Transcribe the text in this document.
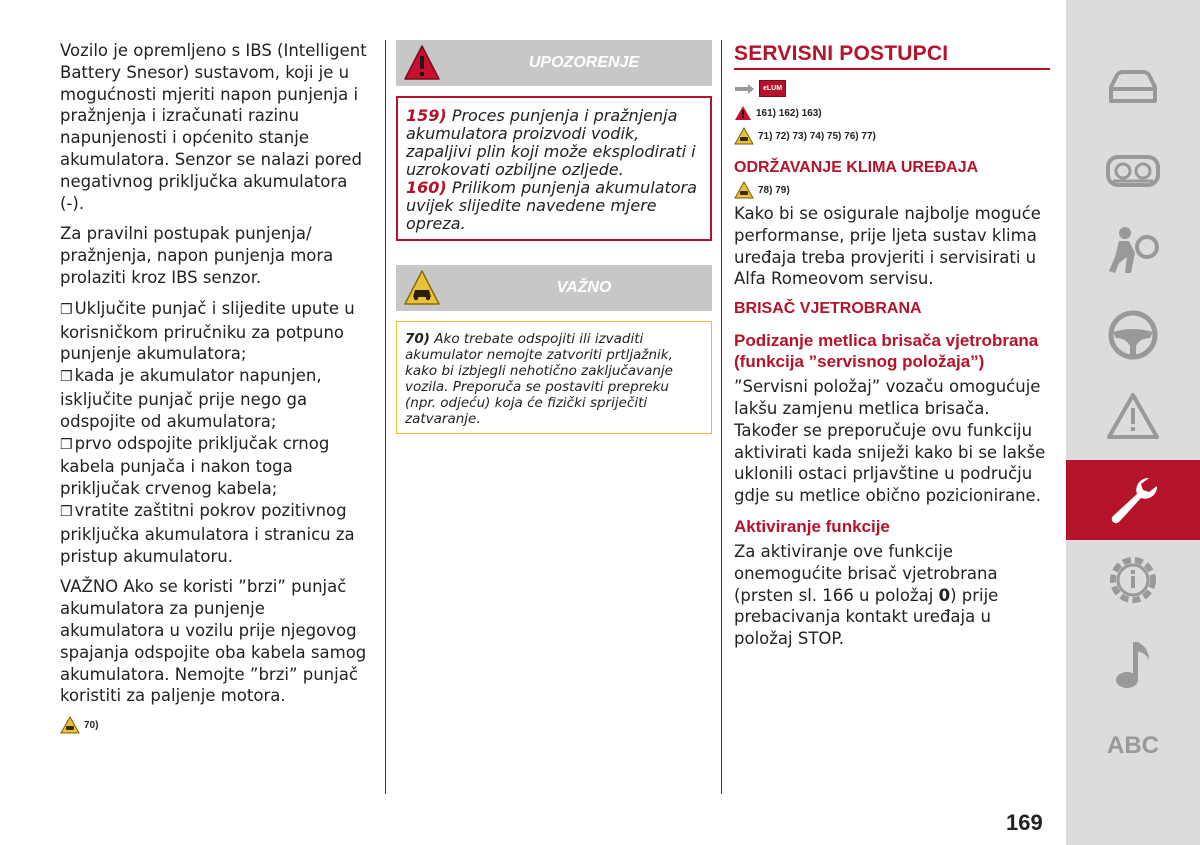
Vozilo je opremljeno s IBS (Intelligent Battery Snesor) sustavom, koji je u mogućnosti mjeriti napon punjenja i pražnjenja i izračunati razinu napunjenosti i općenito stanje akumulatora. Senzor se nalazi pored negativnog priključka akumulatora (-).

Za pravilni postupak punjenja/ pražnjenja, napon punjenja mora prolaziti kroz IBS senzor.

❒ Uključite punjač i slijedite upute u korisničkom priručniku za potpuno punjenje akumulatora;
❒ kada je akumulator napunjen, isključite punjač prije nego ga odspojite od akumulatora;
❒ prvo odspojite priključak crnog kabela punjača i nakon toga priključak crvenog kabela;
❒ vratite zaštitni pokrov pozitivnog priključka akumulatora i stranicu za pristup akumulatoru.

VAŽNO Ako se koristi ”brzi” punjač akumulatora za punjenje akumulatora u vozilu prije njegovog spajanja odspojite oba kabela samog akumulatora. Nemojte ”brzi” punjač koristiti za paljenje motora.

70)
UPOZORENJE

159) Proces punjenja i pražnjenja akumulatora proizvodi vodik, zapaljivi plin koji može eksplodirati i uzrokovati ozbiljne ozljede.

160) Prilikom punjenja akumulatora uvijek slijedite navedene mjere opreza.

VAŽNO

70) Ako trebate odspojiti ili izvaditi akumulator nemojte zatvoriti prtljažnik, kako bi izbjegli nehotično zaključavanje vozila. Preporuča se postaviti prepreku (npr. odjeću) koja će fizički spriječiti zatvaranje.

SERVISNI POSTUPCI
eLUM
161) 162) 163)
71) 72) 73) 74) 75) 76) 77)
ODRŽAVANJE KLIMA UREĐAJA
78) 79)

Kako bi se osigurale najbolje moguće performanse, prije ljeta sustav klima uređaja treba provjeriti i servisirati u Alfa Romeovom servisu.

BRISAČ VJETROBRANA
Podizanje metlica brisača vjetrobrana (funkcija ”servisnog položaja”)

”Servisni položaj” vozaču omogućuje lakšu zamjenu metlica brisača. Također se preporučuje ovu funkciju aktivirati kada sniježi kako bi se lakše uklonili ostaci prljavštine u području gdje su metlice obično pozicionirane.

Aktiviranje funkcije

Za aktiviranje ove funkcije onemogućite brisač vjetrobrana (prsten sl. 166 u položaj 0) prije prebacivanja kontakt uređaja u položaj STOP.

ABC
169
